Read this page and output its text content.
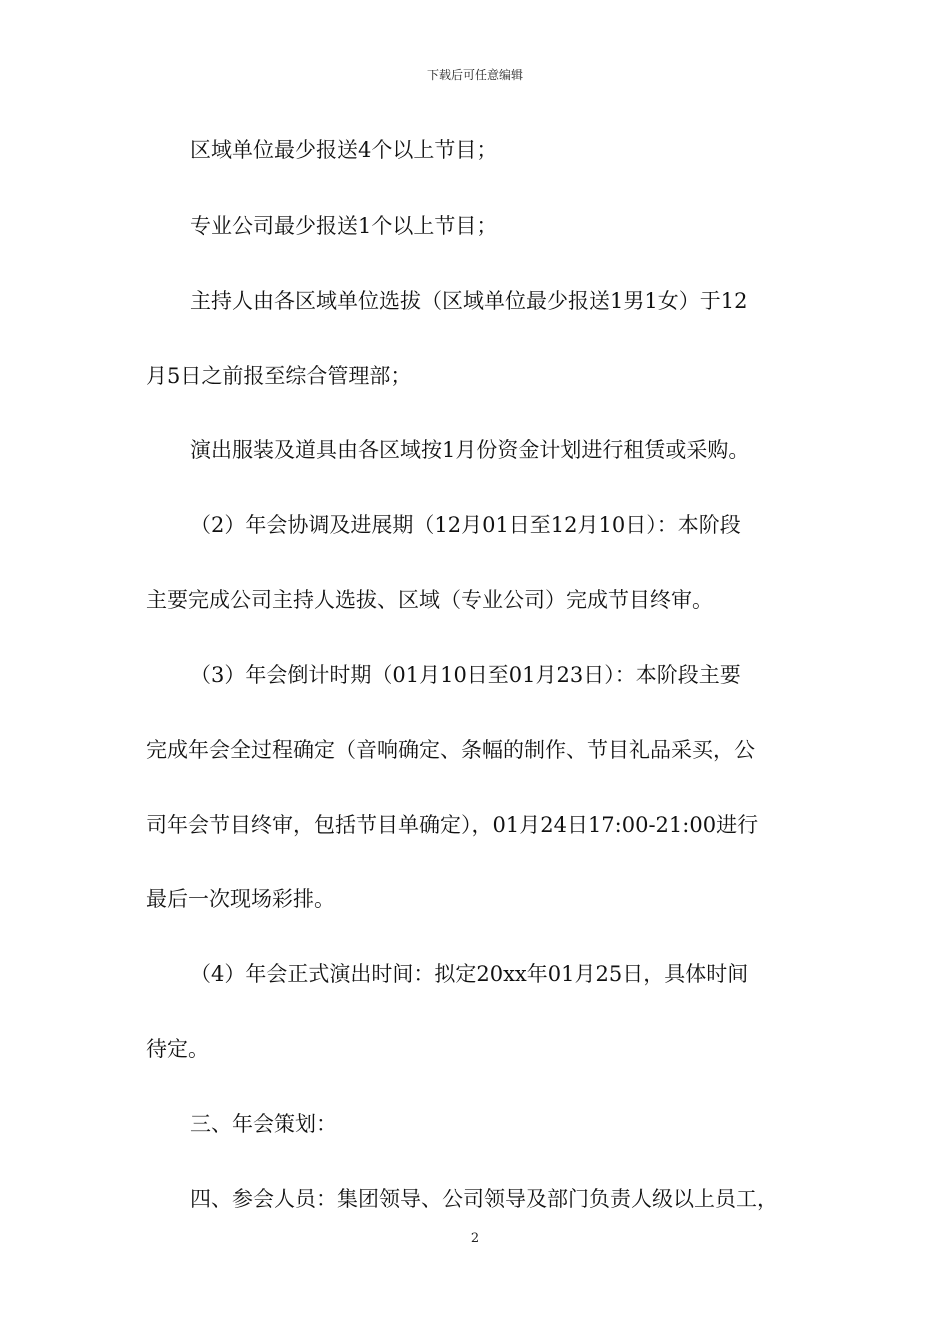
下载后可任意编辑
区域单位最少报送4个以上节目；
专业公司最少报送1个以上节目；
主持人由各区域单位选拔（区域单位最少报送1男1女）于12
月5日之前报至综合管理部；
演出服装及道具由各区域按1月份资金计划进行租赁或采购。
（2）年会协调及进展期（12月01日至12月10日）：本阶段
主要完成公司主持人选拔、区域（专业公司）完成节目终审。
（3）年会倒计时期（01月10日至01月23日）：本阶段主要
完成年会全过程确定（音响确定、条幅的制作、节目礼品采买，公
司年会节目终审，包括节目单确定），01月24日17:00-21:00进行
最后一次现场彩排。
（4）年会正式演出时间：拟定20xx年01月25日，具体时间
待定。
三、年会策划：
四、参会人员：集团领导、公司领导及部门负责人级以上员工，
2
